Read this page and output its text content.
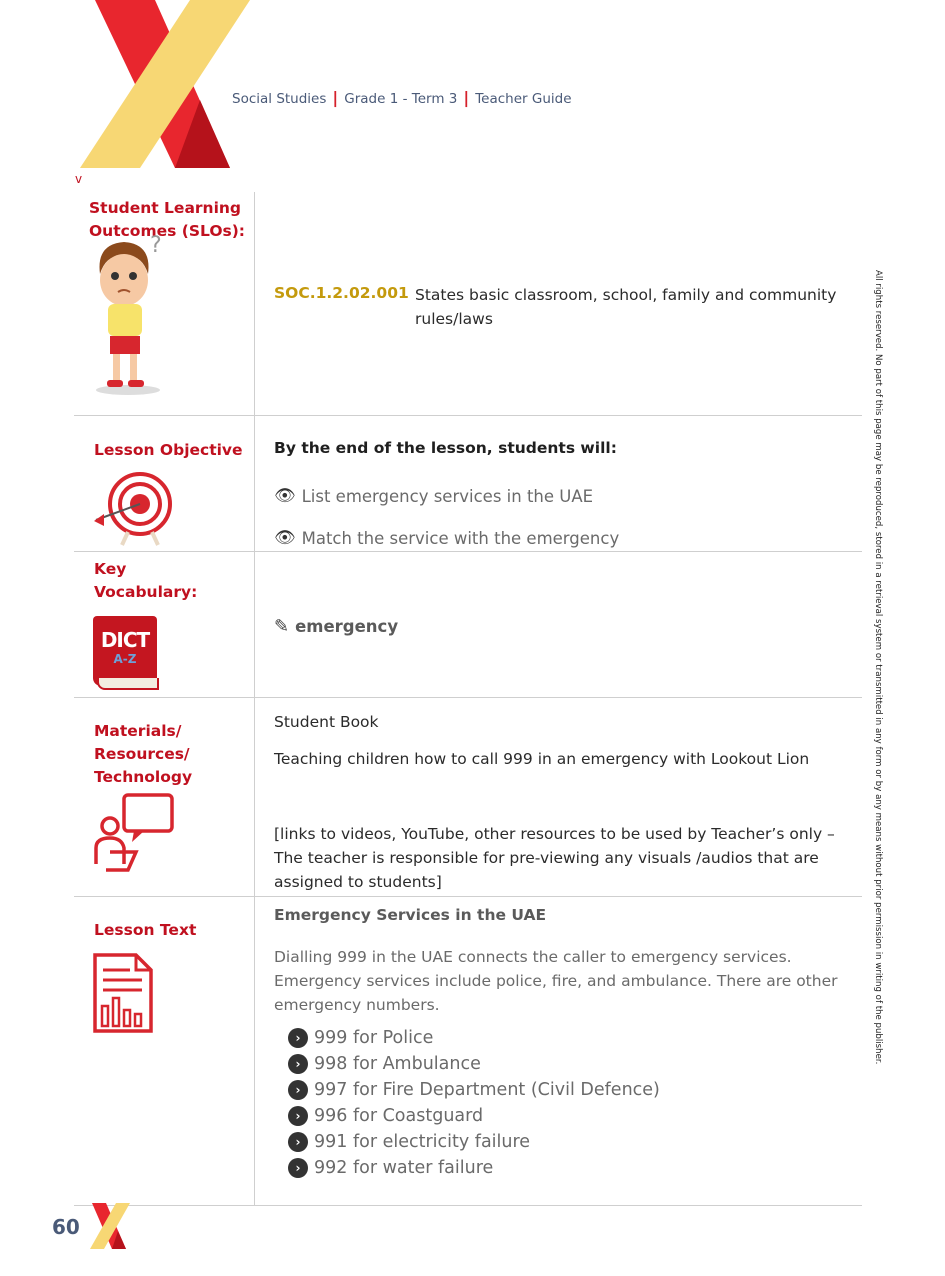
Social Studies | Grade 1 - Term 3 | Teacher Guide
v
Student Learning Outcomes (SLOs):
?
SOC.1.2.02.001 States basic classroom, school, family and community rules/laws
Lesson Objective By the end of the lesson, students will:
👁 List emergency services in the UAE
👁 Match the service with the emergency
Key
Vocabulary:
DICT
A-Z
✎ emergency
Materials/
Resources/
Technology
Student Book
Teaching children how to call 999 in an emergency with Lookout Lion
[links to videos, YouTube, other resources to be used by Teacher’s only – The teacher is responsible for pre-viewing any visuals /audios that are assigned to students]
Lesson Text
Emergency Services in the UAE
Dialling 999 in the UAE connects the caller to emergency services. Emergency services include police, fire, and ambulance. There are other emergency numbers.
› 999 for Police
› 998 for Ambulance
› 997 for Fire Department (Civil Defence)
› 996 for Coastguard
› 991 for electricity failure
› 992 for water failure
All rights reserved. No part of this page may be reproduced, stored in a retrieval system or transmitted in any form or by any means without prior permission in writing of the publisher.
60
